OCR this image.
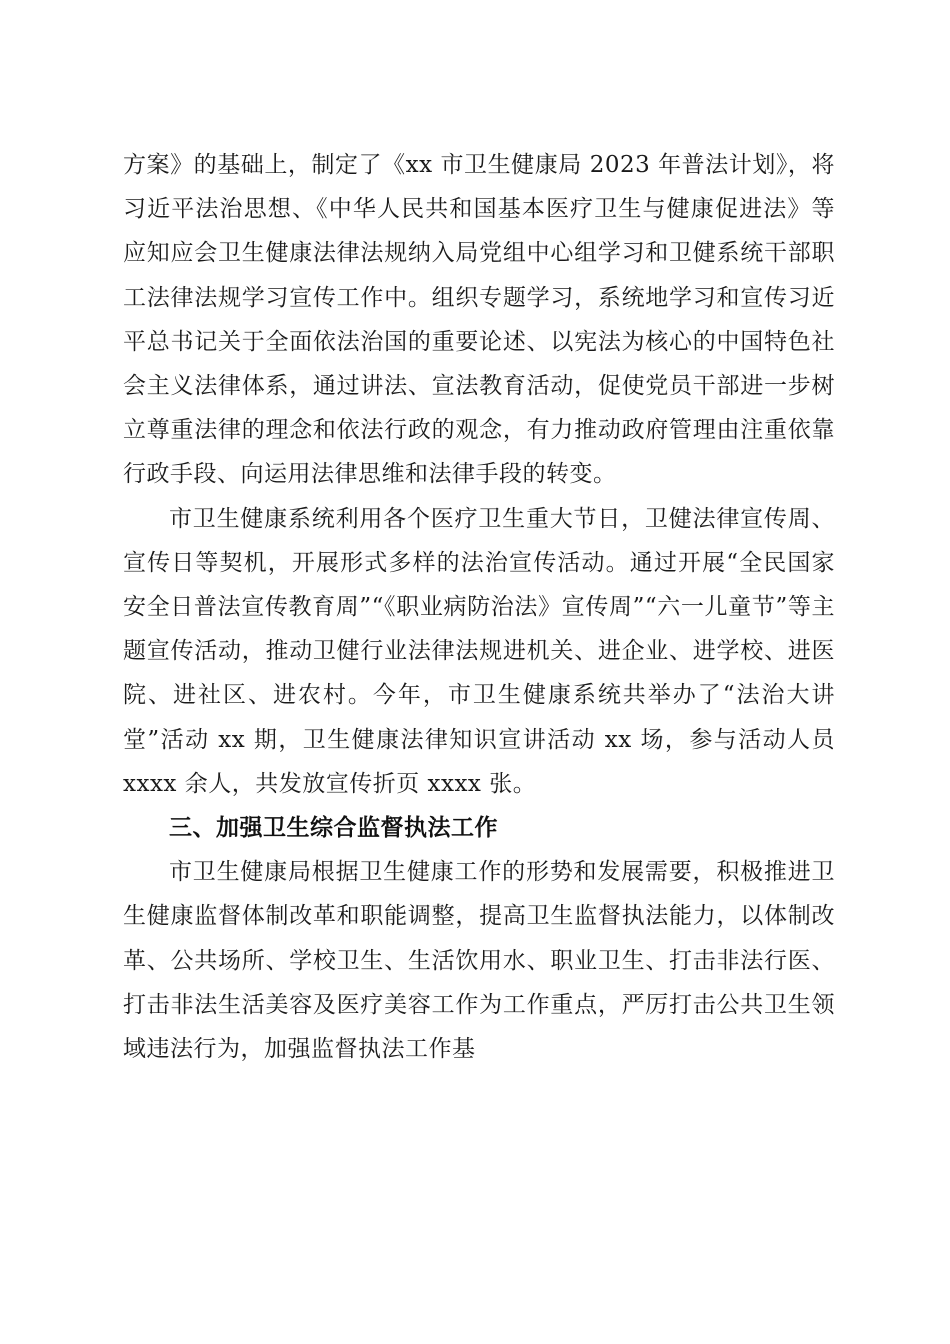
方案》的基础上，制定了《xx 市卫生健康局 2023 年普法计划》，将习近平法治思想、《中华人民共和国基本医疗卫生与健康促进法》等应知应会卫生健康法律法规纳入局党组中心组学习和卫健系统干部职工法律法规学习宣传工作中。组织专题学习，系统地学习和宣传习近平总书记关于全面依法治国的重要论述、以宪法为核心的中国特色社会主义法律体系，通过讲法、宣法教育活动，促使党员干部进一步树立尊重法律的理念和依法行政的观念，有力推动政府管理由注重依靠行政手段、向运用法律思维和法律手段的转变。

市卫生健康系统利用各个医疗卫生重大节日，卫健法律宣传周、宣传日等契机，开展形式多样的法治宣传活动。通过开展“全民国家安全日普法宣传教育周”“《职业病防治法》宣传周”“六一儿童节”等主题宣传活动，推动卫健行业法律法规进机关、进企业、进学校、进医院、进社区、进农村。今年，市卫生健康系统共举办了“法治大讲堂”活动 xx 期，卫生健康法律知识宣讲活动 xx 场，参与活动人员 xxxx 余人，共发放宣传折页 xxxx 张。

三、加强卫生综合监督执法工作

市卫生健康局根据卫生健康工作的形势和发展需要，积极推进卫生健康监督体制改革和职能调整，提高卫生监督执法能力，以体制改革、公共场所、学校卫生、生活饮用水、职业卫生、打击非法行医、打击非法生活美容及医疗美容工作为工作重点，严厉打击公共卫生领域违法行为，加强监督执法工作基
